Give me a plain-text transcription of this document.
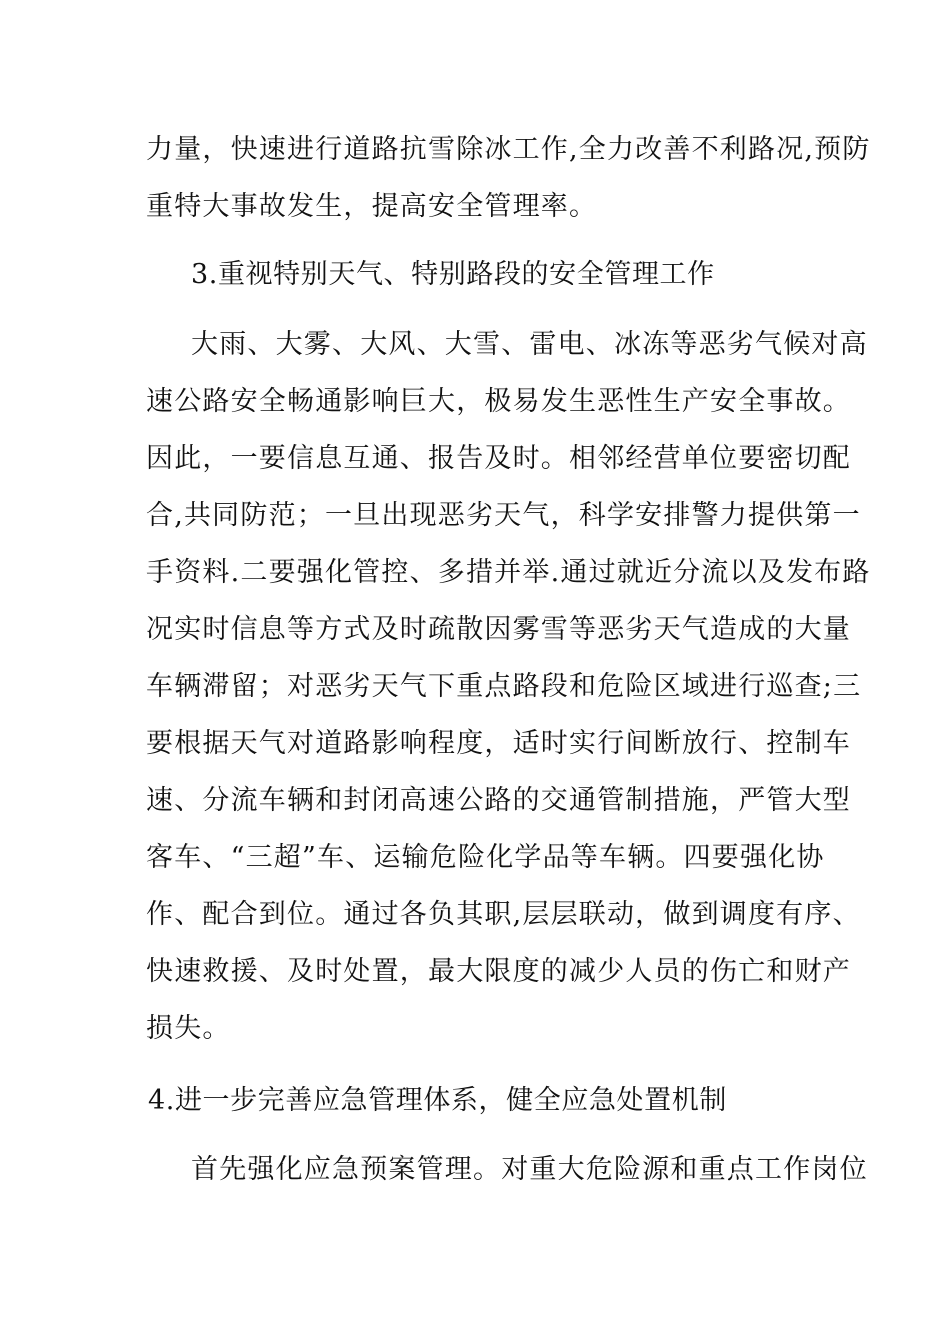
力量，快速进行道路抗雪除冰工作,全力改善不利路况,预防
重特大事故发生，提高安全管理率。
3.重视特别天气、特别路段的安全管理工作
大雨、大雾、大风、大雪、雷电、冰冻等恶劣气候对高
速公路安全畅通影响巨大，极易发生恶性生产安全事故。
因此，一要信息互通、报告及时。相邻经营单位要密切配
合,共同防范；一旦出现恶劣天气，科学安排警力提供第一
手资料.二要强化管控、多措并举.通过就近分流以及发布路
况实时信息等方式及时疏散因雾雪等恶劣天气造成的大量
车辆滞留；对恶劣天气下重点路段和危险区域进行巡查;三
要根据天气对道路影响程度，适时实行间断放行、控制车
速、分流车辆和封闭高速公路的交通管制措施，严管大型
客车、“三超”车、运输危险化学品等车辆。四要强化协
作、配合到位。通过各负其职,层层联动，做到调度有序、
快速救援、及时处置，最大限度的减少人员的伤亡和财产
损失。
4.进一步完善应急管理体系，健全应急处置机制
首先强化应急预案管理。对重大危险源和重点工作岗位
